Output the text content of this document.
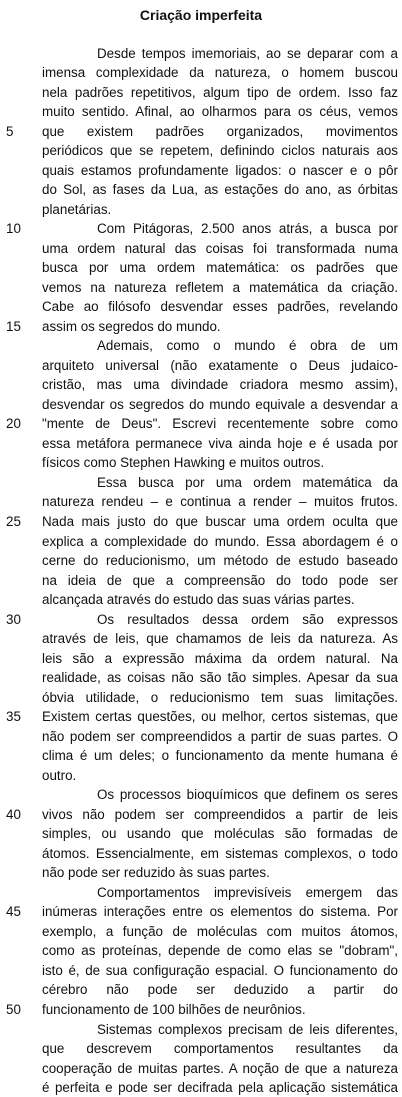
Criação imperfeita
Desde tempos imemoriais, ao se deparar com a
imensa complexidade da natureza, o homem buscou
nela padrões repetitivos, algum tipo de ordem. Isso faz
muito sentido. Afinal, ao olharmos para os céus, vemos
que existem padrões organizados, movimentos
periódicos que se repetem, definindo ciclos naturais aos
quais estamos profundamente ligados: o nascer e o pôr
do Sol, as fases da Lua, as estações do ano, as órbitas
planetárias.
Com Pitágoras, 2.500 anos atrás, a busca por
uma ordem natural das coisas foi transformada numa
busca por uma ordem matemática: os padrões que
vemos na natureza refletem a matemática da criação.
Cabe ao filósofo desvendar esses padrões, revelando
assim os segredos do mundo.
Ademais, como o mundo é obra de um
arquiteto universal (não exatamente o Deus judaico-
cristão, mas uma divindade criadora mesmo assim),
desvendar os segredos do mundo equivale a desvendar a
"mente de Deus". Escrevi recentemente sobre como
essa metáfora permanece viva ainda hoje e é usada por
físicos como Stephen Hawking e muitos outros.
Essa busca por uma ordem matemática da
natureza rendeu – e continua a render – muitos frutos.
Nada mais justo do que buscar uma ordem oculta que
explica a complexidade do mundo. Essa abordagem é o
cerne do reducionismo, um método de estudo baseado
na ideia de que a compreensão do todo pode ser
alcançada através do estudo das suas várias partes.
Os resultados dessa ordem são expressos
através de leis, que chamamos de leis da natureza. As
leis são a expressão máxima da ordem natural. Na
realidade, as coisas não são tão simples. Apesar da sua
óbvia utilidade, o reducionismo tem suas limitações.
Existem certas questões, ou melhor, certos sistemas, que
não podem ser compreendidos a partir de suas partes. O
clima é um deles; o funcionamento da mente humana é
outro.
Os processos bioquímicos que definem os seres
vivos não podem ser compreendidos a partir de leis
simples, ou usando que moléculas são formadas de
átomos. Essencialmente, em sistemas complexos, o todo
não pode ser reduzido às suas partes.
Comportamentos imprevisíveis emergem das
inúmeras interações entre os elementos do sistema. Por
exemplo, a função de moléculas com muitos átomos,
como as proteínas, depende de como elas se "dobram",
isto é, de sua configuração espacial. O funcionamento do
cérebro não pode ser deduzido a partir do
funcionamento de 100 bilhões de neurônios.
Sistemas complexos precisam de leis diferentes,
que descrevem comportamentos resultantes da
cooperação de muitas partes. A noção de que a natureza
é perfeita e pode ser decifrada pela aplicação sistemática
5
10
15
20
25
30
35
40
45
50
